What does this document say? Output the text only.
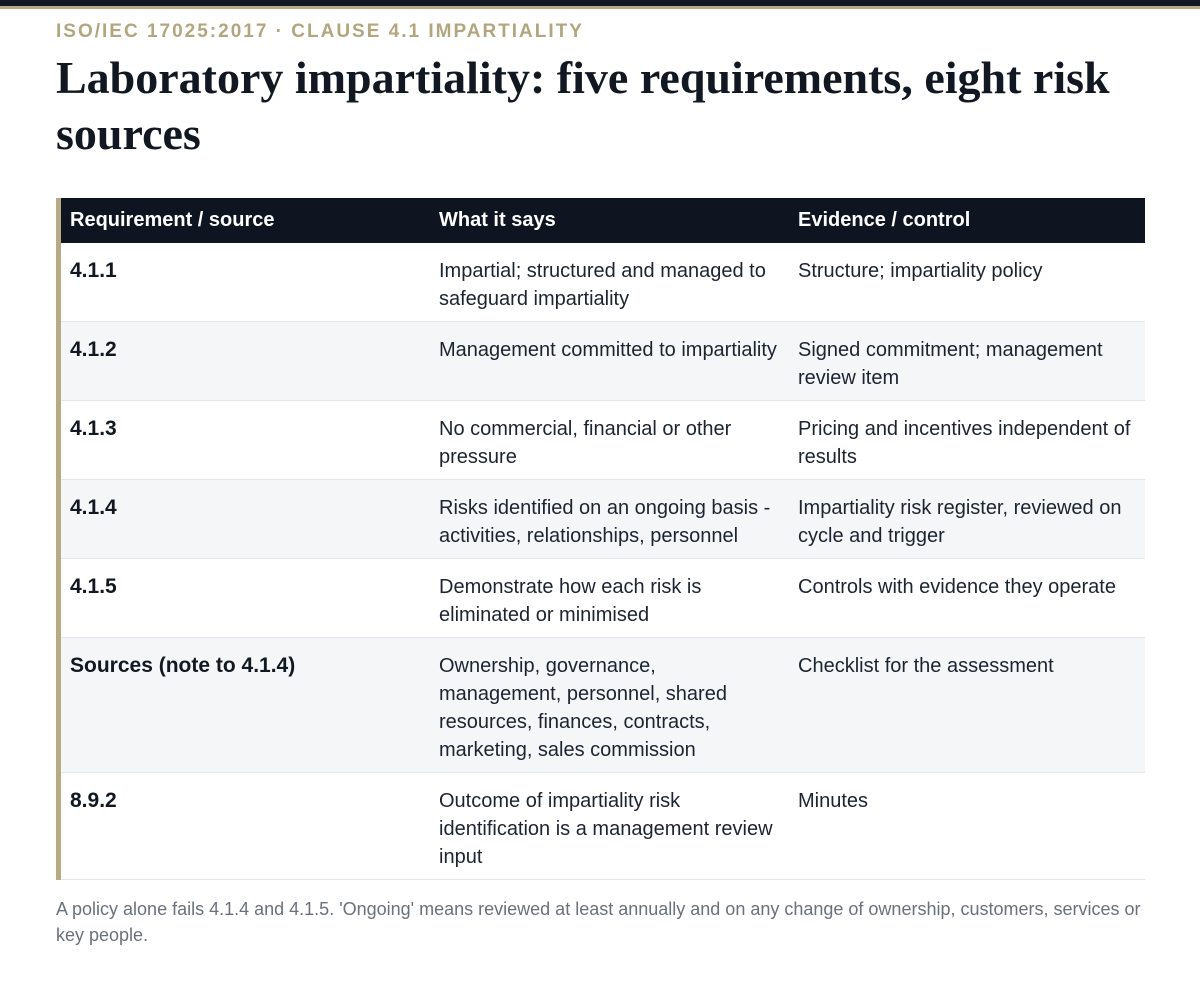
ISO/IEC 17025:2017 · CLAUSE 4.1 IMPARTIALITY
Laboratory impartiality: five requirements, eight risk sources
Requirement / source	What it says	Evidence / control
4.1.1	Impartial; structured and managed to safeguard impartiality	Structure; impartiality policy
4.1.2	Management committed to impartiality	Signed commitment; management review item
4.1.3	No commercial, financial or other pressure	Pricing and incentives independent of results
4.1.4	Risks identified on an ongoing basis - activities, relationships, personnel	Impartiality risk register, reviewed on cycle and trigger
4.1.5	Demonstrate how each risk is eliminated or minimised	Controls with evidence they operate
Sources (note to 4.1.4)	Ownership, governance, management, personnel, shared resources, finances, contracts, marketing, sales commission	Checklist for the assessment
8.9.2	Outcome of impartiality risk identification is a management review input	Minutes

A policy alone fails 4.1.4 and 4.1.5. 'Ongoing' means reviewed at least annually and on any change of ownership, customers, services or key people.
